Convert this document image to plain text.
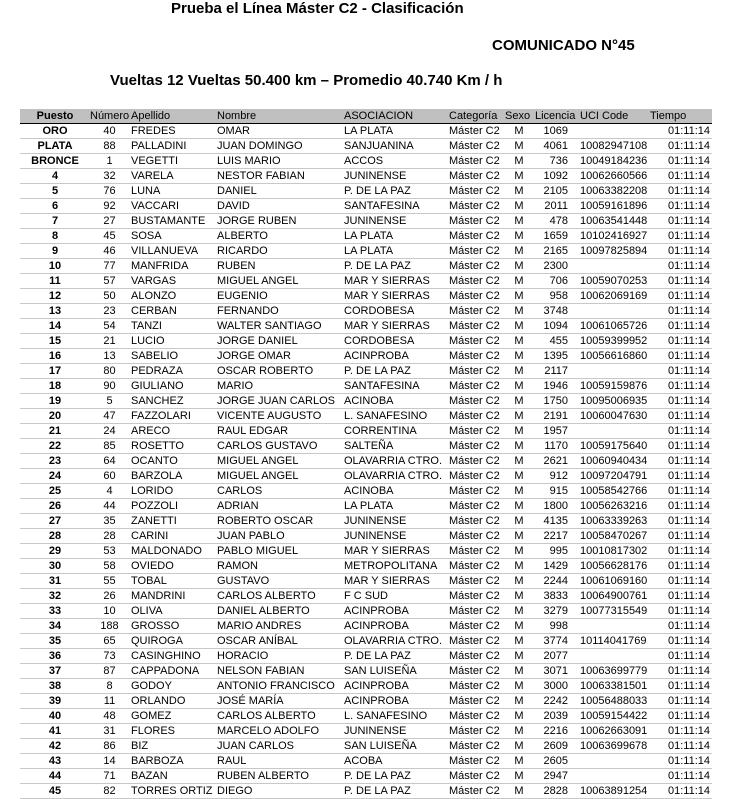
Prueba el Línea Máster C2 - Clasificación
COMUNICADO N°45
Vueltas 12 Vueltas 50.400 km – Promedio 40.740 Km / h
Puesto	Número	Apellido	Nombre	ASOCIACION	Categoría	Sexo	Licencia	UCI Code	Tiempo
ORO	40	FREDES	OMAR	LA PLATA	Máster C2	M	1069		01:11:14
PLATA	88	PALLADINI	JUAN DOMINGO	SANJUANINA	Máster C2	M	4061	10082947108	01:11:14
BRONCE	1	VEGETTI	LUIS MARIO	ACCOS	Máster C2	M	736	10049184236	01:11:14
4	32	VARELA	NESTOR FABIAN	JUNINENSE	Máster C2	M	1092	10062660566	01:11:14
5	76	LUNA	DANIEL	P. DE LA PAZ	Máster C2	M	2105	10063382208	01:11:14
6	92	VACCARI	DAVID	SANTAFESINA	Máster C2	M	2011	10059161896	01:11:14
7	27	BUSTAMANTE	JORGE RUBEN	JUNINENSE	Máster C2	M	478	10063541448	01:11:14
8	45	SOSA	ALBERTO	LA PLATA	Máster C2	M	1659	10102416927	01:11:14
9	46	VILLANUEVA	RICARDO	LA PLATA	Máster C2	M	2165	10097825894	01:11:14
10	77	MANFRIDA	RUBEN	P. DE LA PAZ	Máster C2	M	2300		01:11:14
11	57	VARGAS	MIGUEL ANGEL	MAR Y SIERRAS	Máster C2	M	706	10059070253	01:11:14
12	50	ALONZO	EUGENIO	MAR Y SIERRAS	Máster C2	M	958	10062069169	01:11:14
13	23	CERBAN	FERNANDO	CORDOBESA	Máster C2	M	3748		01:11:14
14	54	TANZI	WALTER SANTIAGO	MAR Y SIERRAS	Máster C2	M	1094	10061065726	01:11:14
15	21	LUCIO	JORGE DANIEL	CORDOBESA	Máster C2	M	455	10059399952	01:11:14
16	13	SABELIO	JORGE OMAR	ACINPROBA	Máster C2	M	1395	10056616860	01:11:14
17	80	PEDRAZA	OSCAR ROBERTO	P. DE LA PAZ	Máster C2	M	2117		01:11:14
18	90	GIULIANO	MARIO	SANTAFESINA	Máster C2	M	1946	10059159876	01:11:14
19	5	SANCHEZ	JORGE JUAN CARLOS	ACINOBA	Máster C2	M	1750	10095006935	01:11:14
20	47	FAZZOLARI	VICENTE AUGUSTO	L. SANAFESINO	Máster C2	M	2191	10060047630	01:11:14
21	24	ARECO	RAUL EDGAR	CORRENTINA	Máster C2	M	1957		01:11:14
22	85	ROSETTO	CARLOS GUSTAVO	SALTEÑA	Máster C2	M	1170	10059175640	01:11:14
23	64	OCANTO	MIGUEL ANGEL	OLAVARRIA CTRO.	Máster C2	M	2621	10060940434	01:11:14
24	60	BARZOLA	MIGUEL ANGEL	OLAVARRIA CTRO.	Máster C2	M	912	10097204791	01:11:14
25	4	LORIDO	CARLOS	ACINOBA	Máster C2	M	915	10058542766	01:11:14
26	44	POZZOLI	ADRIAN	LA PLATA	Máster C2	M	1800	10056263216	01:11:14
27	35	ZANETTI	ROBERTO OSCAR	JUNINENSE	Máster C2	M	4135	10063339263	01:11:14
28	28	CARINI	JUAN PABLO	JUNINENSE	Máster C2	M	2217	10058470267	01:11:14
29	53	MALDONADO	PABLO MIGUEL	MAR Y SIERRAS	Máster C2	M	995	10010817302	01:11:14
30	58	OVIEDO	RAMON	METROPOLITANA	Máster C2	M	1429	10056628176	01:11:14
31	55	TOBAL	GUSTAVO	MAR Y SIERRAS	Máster C2	M	2244	10061069160	01:11:14
32	26	MANDRINI	CARLOS ALBERTO	F C SUD	Máster C2	M	3833	10064900761	01:11:14
33	10	OLIVA	DANIEL ALBERTO	ACINPROBA	Máster C2	M	3279	10077315549	01:11:14
34	188	GROSSO	MARIO ANDRES	ACINPROBA	Máster C2	M	998		01:11:14
35	65	QUIROGA	OSCAR ANÍBAL	OLAVARRIA CTRO.	Máster C2	M	3774	10114041769	01:11:14
36	73	CASINGHINO	HORACIO	P. DE LA PAZ	Máster C2	M	2077		01:11:14
37	87	CAPPADONA	NELSON FABIAN	SAN LUISEÑA	Máster C2	M	3071	10063699779	01:11:14
38	8	GODOY	ANTONIO FRANCISCO	ACINPROBA	Máster C2	M	3000	10063381501	01:11:14
39	11	ORLANDO	JOSÉ MARÍA	ACINPROBA	Máster C2	M	2242	10056488033	01:11:14
40	48	GOMEZ	CARLOS ALBERTO	L. SANAFESINO	Máster C2	M	2039	10059154422	01:11:14
41	31	FLORES	MARCELO ADOLFO	JUNINENSE	Máster C2	M	2216	10062663091	01:11:14
42	86	BIZ	JUAN CARLOS	SAN LUISEÑA	Máster C2	M	2609	10063699678	01:11:14
43	14	BARBOZA	RAUL	ACOBA	Máster C2	M	2605		01:11:14
44	71	BAZAN	RUBEN ALBERTO	P. DE LA PAZ	Máster C2	M	2947		01:11:14
45	82	TORRES ORTIZ	DIEGO	P. DE LA PAZ	Máster C2	M	2828	10063891254	01:11:14
